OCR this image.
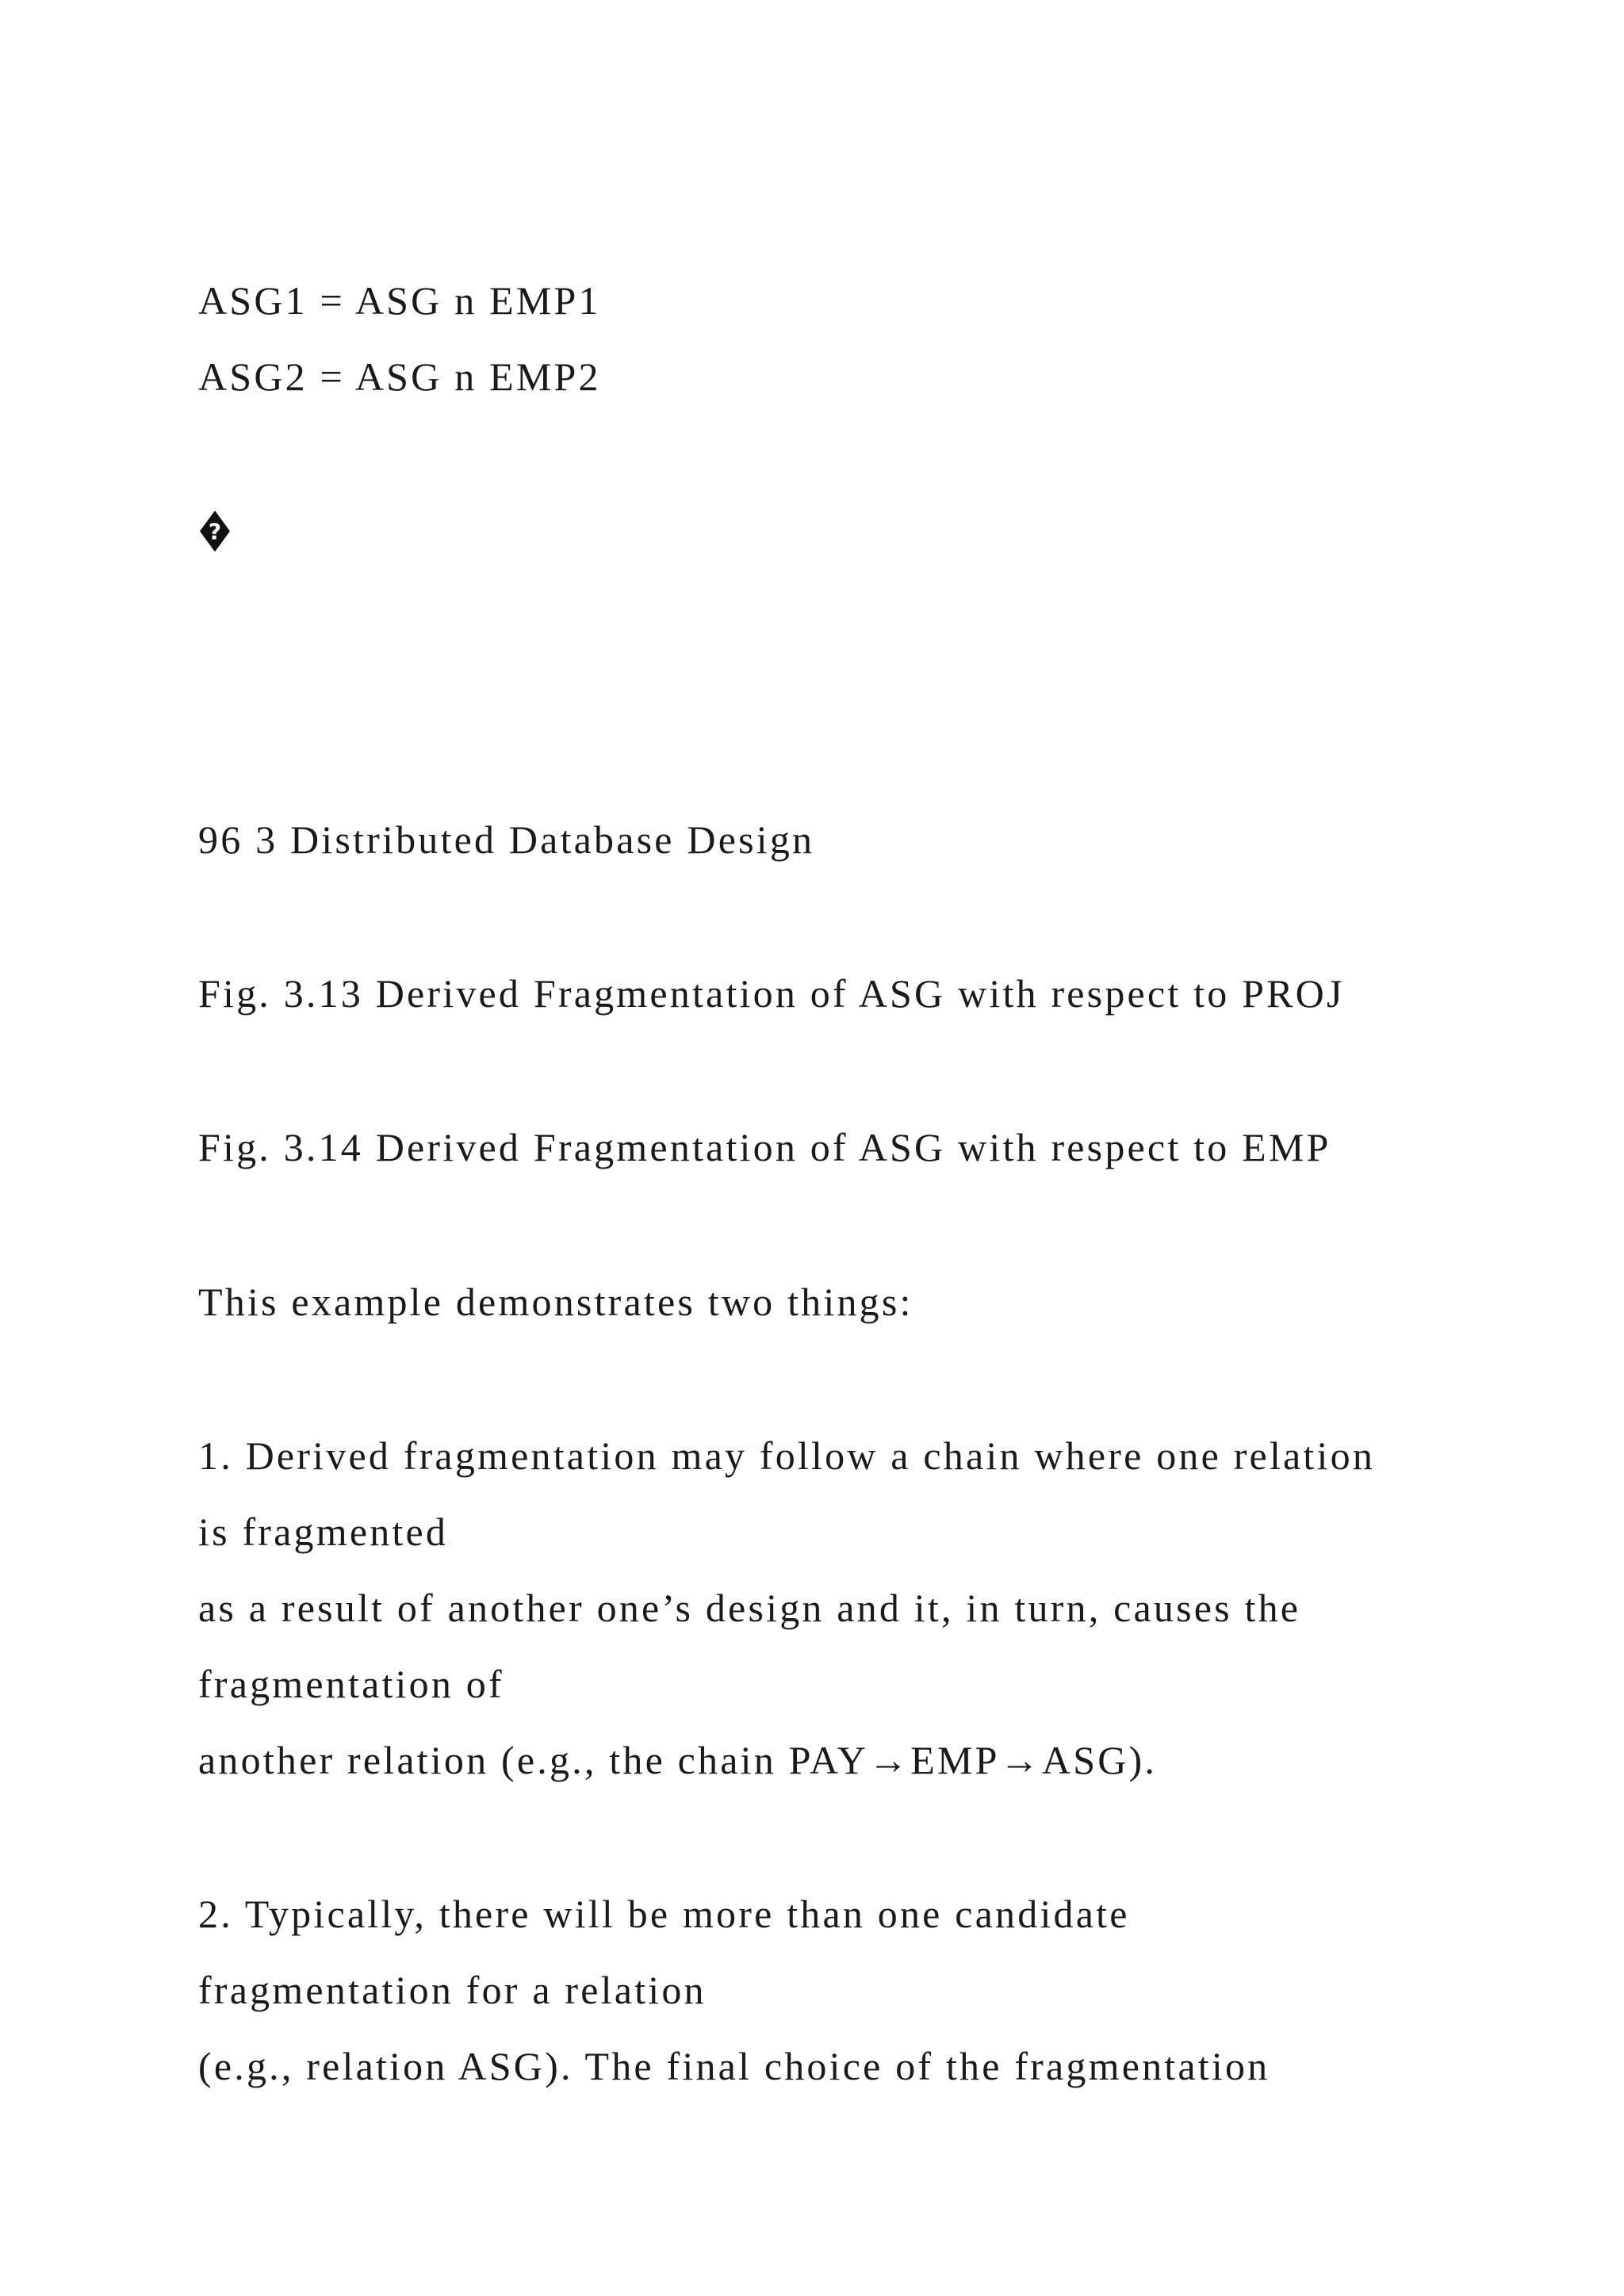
ASG1 = ASG n EMP1
ASG2 = ASG n EMP2
?
96 3 Distributed Database Design
Fig. 3.13 Derived Fragmentation of ASG with respect to PROJ
Fig. 3.14 Derived Fragmentation of ASG with respect to EMP
This example demonstrates two things:
1. Derived fragmentation may follow a chain where one relation
is fragmented
as a result of another one’s design and it, in turn, causes the
fragmentation of
another relation (e.g., the chain PAY→EMP→ASG).
2. Typically, there will be more than one candidate
fragmentation for a relation
(e.g., relation ASG). The final choice of the fragmentation
